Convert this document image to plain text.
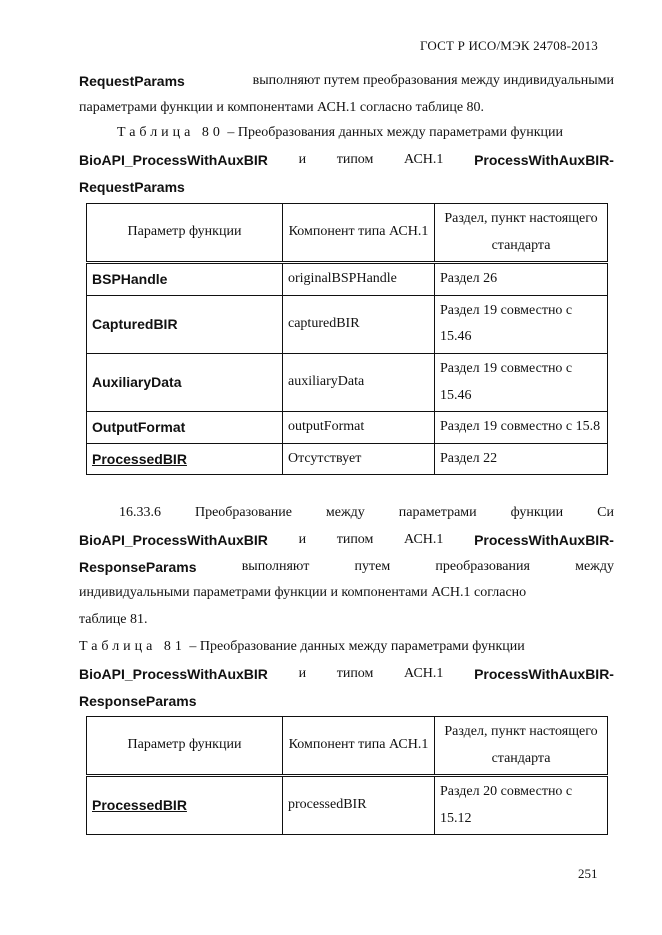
ГОСТ Р ИСО/МЭК 24708-2013
RequestParams	выполняют путем преобразования между индивидуальными
параметрами функции и компонентами АСН.1 согласно таблице 80.
Таблица 80 – Преобразования данных между параметрами функции
BioAPI_ProcessWithAuxBIR и типом АСН.1 ProcessWithAuxBIR-
RequestParams
Параметр функции	Компонент типа АСН.1	Раздел, пункт настоящего стандарта
BSPHandle	originalBSPHandle	Раздел 26
CapturedBIR	capturedBIR	Раздел 19 совместно с 15.46
AuxiliaryData	auxiliaryData	Раздел 19 совместно с 15.46
OutputFormat	outputFormat	Раздел 19 совместно с 15.8
ProcessedBIR	Отсутствует	Раздел 22
16.33.6 Преобразование между параметрами функции Си
BioAPI_ProcessWithAuxBIR и типом АСН.1 ProcessWithAuxBIR-
ResponseParams	выполняют	путем	преобразования	между
индивидуальными параметрами функции и компонентами АСН.1 согласно
таблице 81.
Таблица 81 – Преобразование данных между параметрами функции
BioAPI_ProcessWithAuxBIR и типом АСН.1 ProcessWithAuxBIR-
ResponseParams
Параметр функции	Компонент типа АСН.1	Раздел, пункт настоящего стандарта
ProcessedBIR	processedBIR	Раздел 20 совместно с 15.12
251
